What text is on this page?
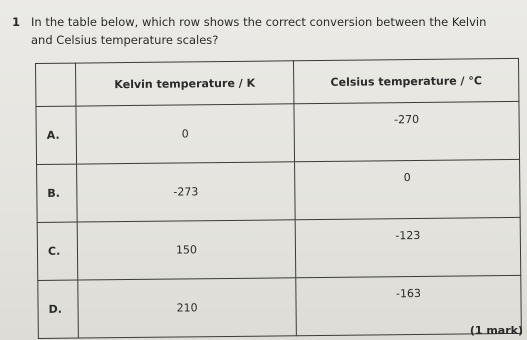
1 In the table below, which row shows the correct conversion between the Kelvin and Celsius temperature scales?
	Kelvin temperature / K	Celsius temperature / °C
A.	0	-270
B.	-273	0
C.	150	-123
D.	210	-163
(1 mark)
